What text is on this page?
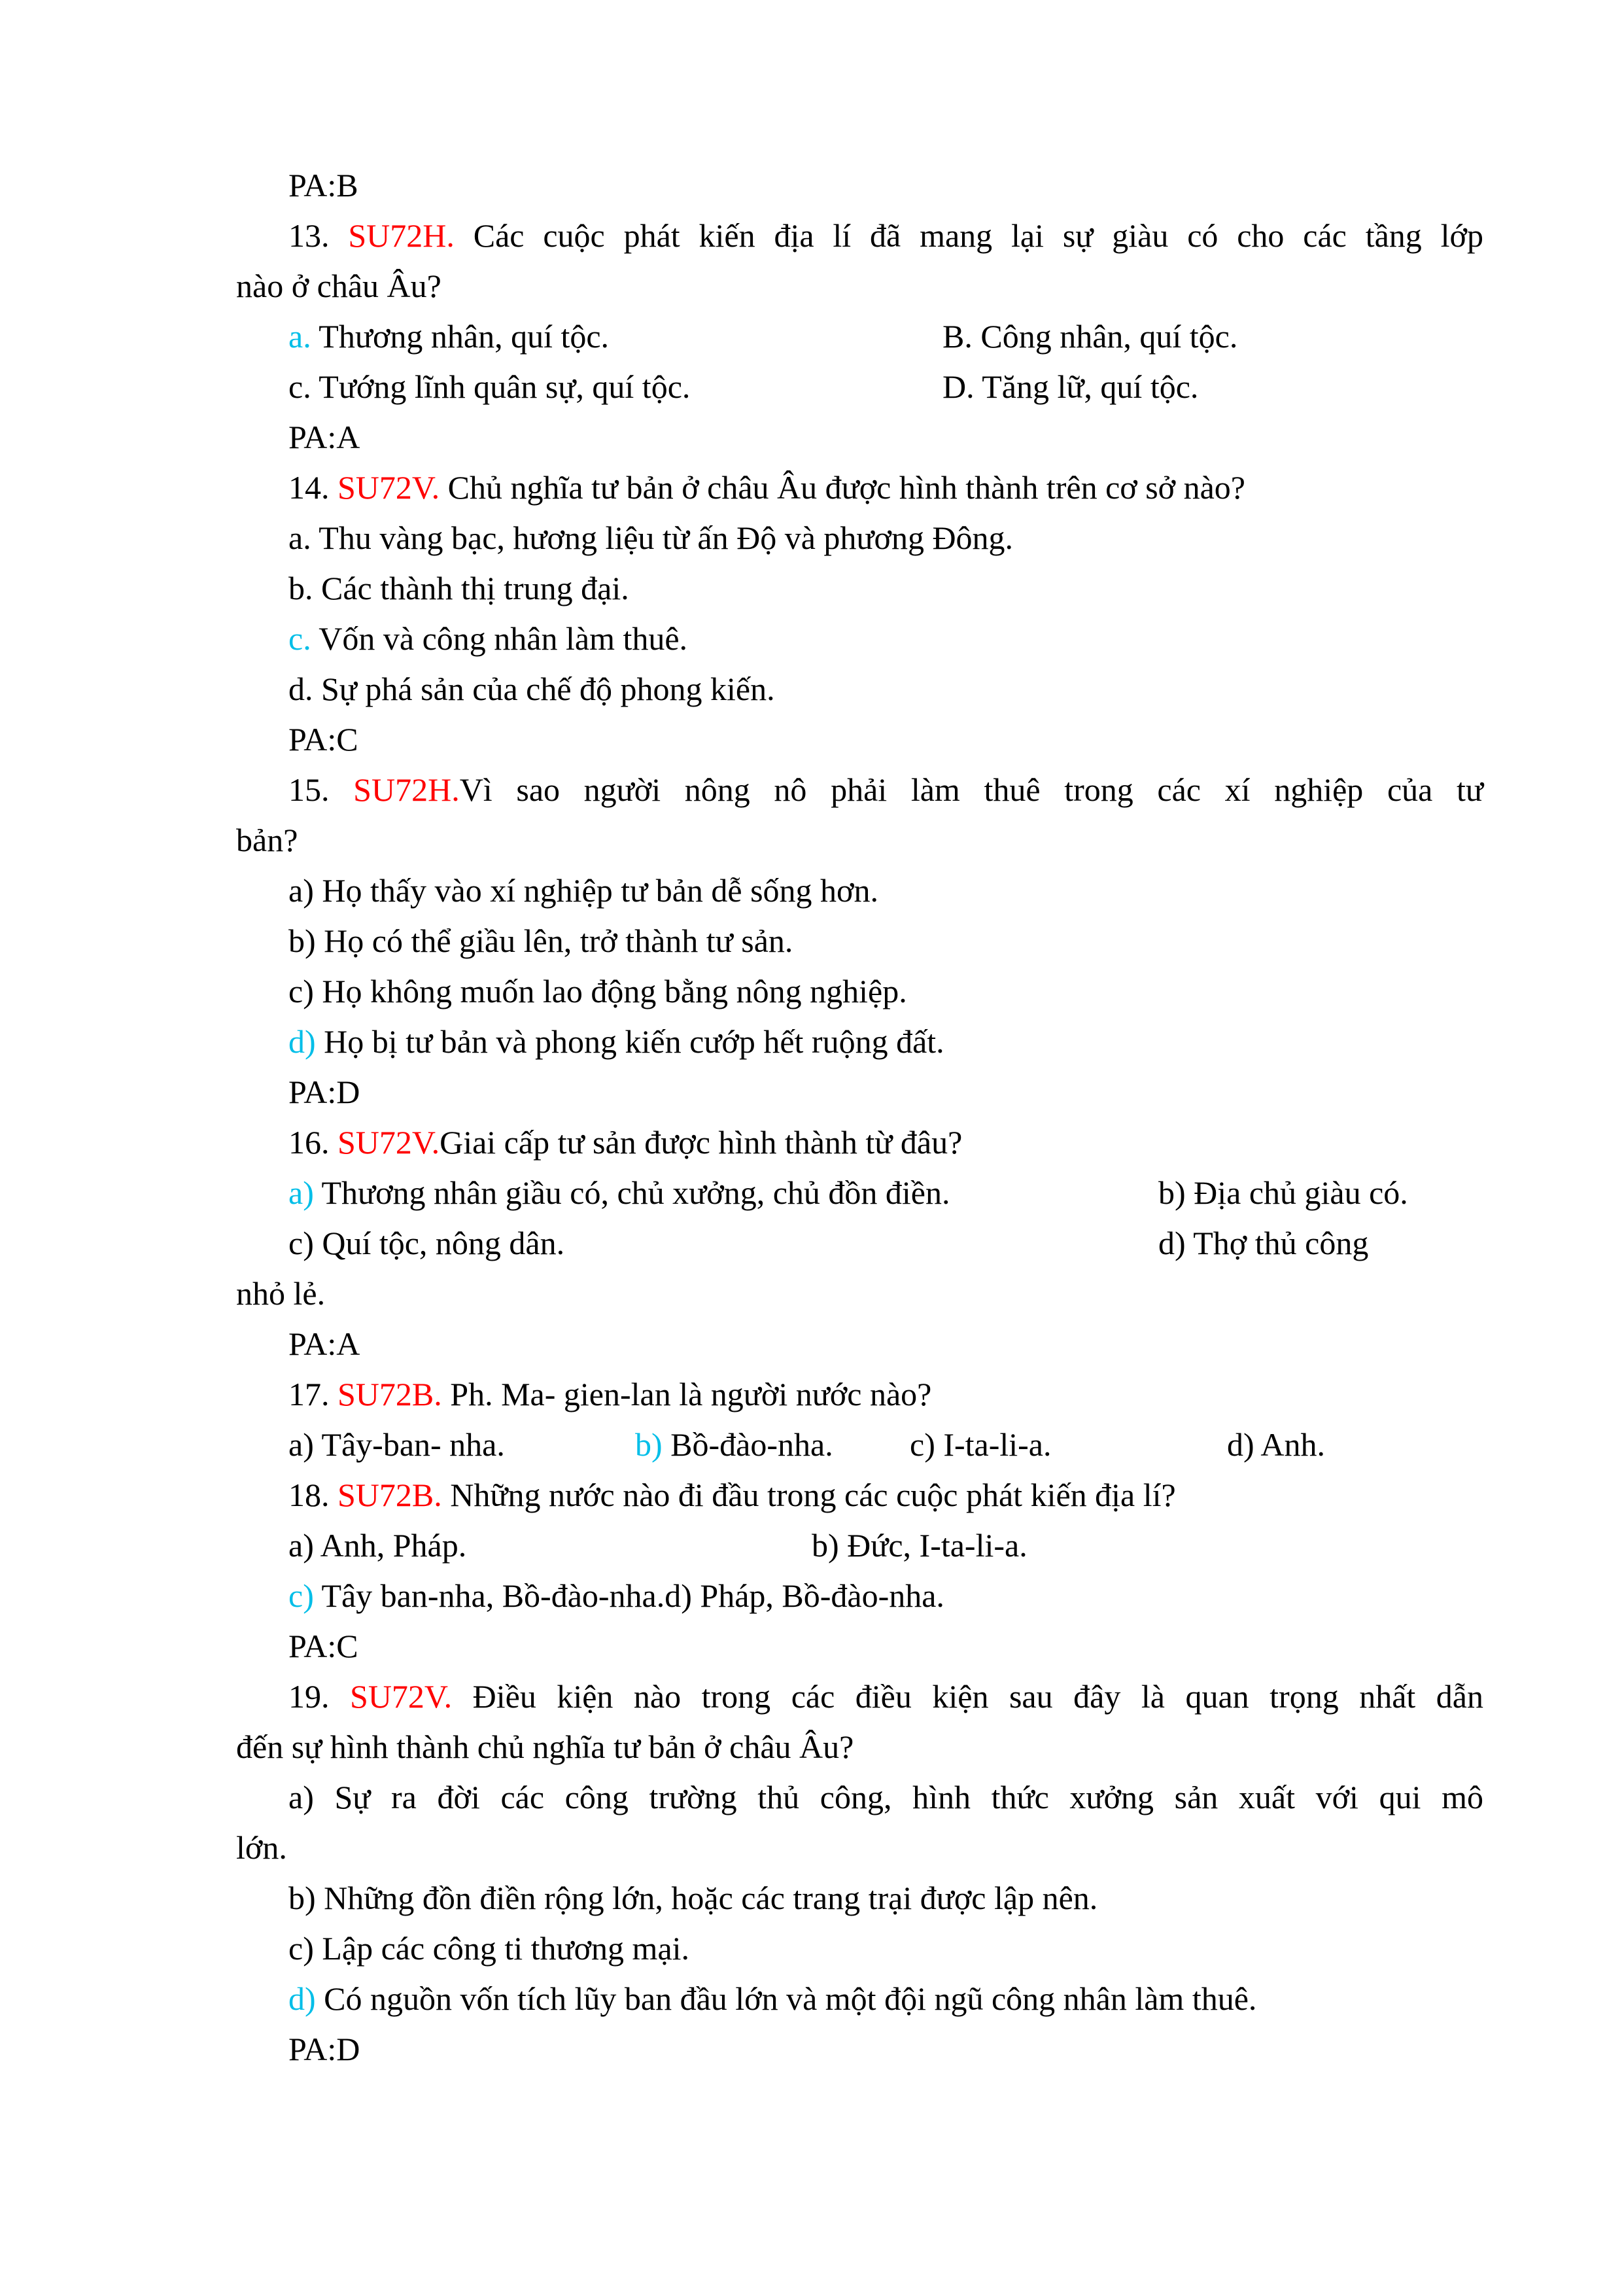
PA:B
13. SU72H. Các cuộc phát kiến địa lí đã mang lại sự giàu có cho các tầng lớp
nào ở châu Âu?
a. Thương nhân, quí tộc.	B. Công nhân, quí tộc.
c. Tướng lĩnh quân sự, quí tộc.	D. Tăng lữ, quí tộc.
PA:A
14. SU72V. Chủ nghĩa tư bản ở châu Âu được hình thành trên cơ sở nào?
a. Thu vàng bạc, hương liệu từ ấn Độ và phương Đông.
b. Các thành thị trung đại.
c. Vốn và công nhân làm thuê.
d. Sự phá sản của chế độ phong kiến.
PA:C
15. SU72H.Vì sao người nông nô phải làm thuê trong các xí nghiệp của tư
bản?
a) Họ thấy vào xí nghiệp tư bản dễ sống hơn.
b) Họ có thể giầu lên, trở thành tư sản.
c) Họ không muốn lao động bằng nông nghiệp.
d) Họ bị tư bản và phong kiến cướp hết ruộng đất.
PA:D
16. SU72V.Giai cấp tư sản được hình thành từ đâu?
a) Thương nhân giầu có, chủ xưởng, chủ đồn điền.	b) Địa chủ giàu có.
c) Quí tộc, nông dân.	d) Thợ thủ công
nhỏ lẻ.
PA:A
17. SU72B. Ph. Ma- gien-lan là người nước nào?
a) Tây-ban- nha.	b) Bồ-đào-nha. c) I-ta-li-a.	d) Anh.
18. SU72B. Những nước nào đi đầu trong các cuộc phát kiến địa lí?
a) Anh, Pháp.	b) Đức, I-ta-li-a.
c) Tây ban-nha, Bồ-đào-nha.d) Pháp, Bồ-đào-nha.
PA:C
19. SU72V. Điều kiện nào trong các điều kiện sau đây là quan trọng nhất dẫn
đến sự hình thành chủ nghĩa tư bản ở châu Âu?
a) Sự ra đời các công trường thủ công, hình thức xưởng sản xuất với qui mô
lớn.
b) Những đồn điền rộng lớn, hoặc các trang trại được lập nên.
c) Lập các công ti thương mại.
d) Có nguồn vốn tích lũy ban đầu lớn và một đội ngũ công nhân làm thuê.
PA:D
